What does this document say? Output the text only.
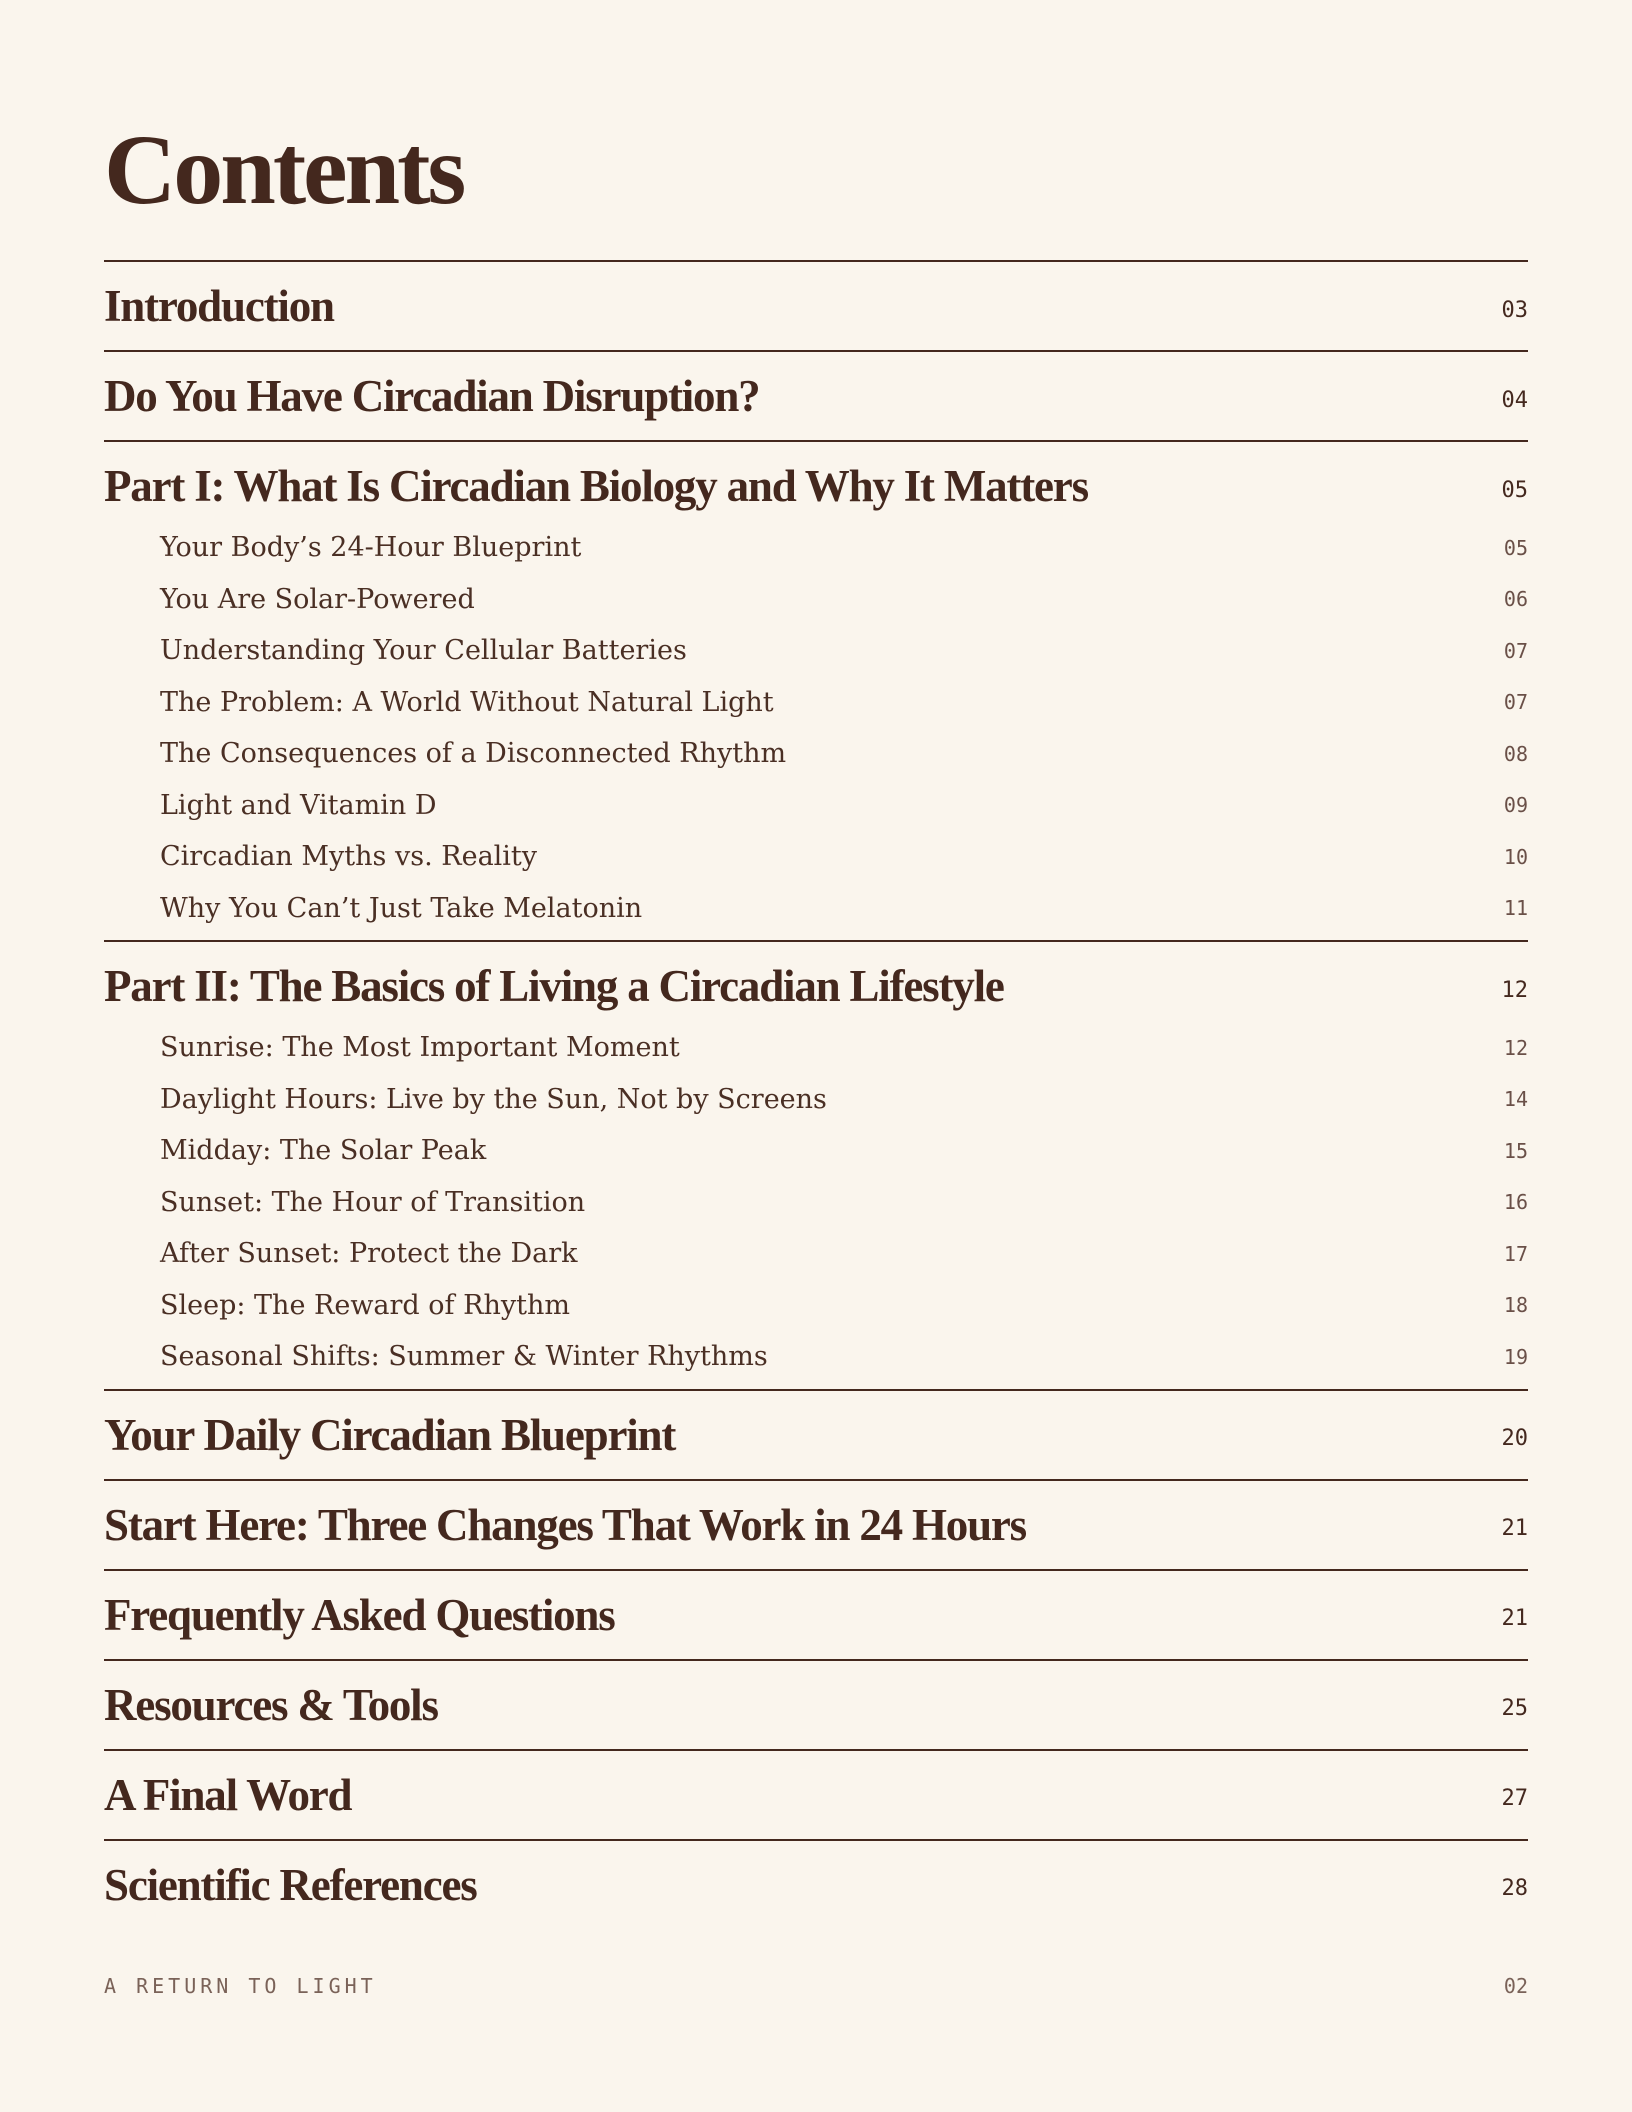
Contents
Introduction	03
Do You Have Circadian Disruption?	04
Part I: What Is Circadian Biology and Why It Matters	05
Your Body’s 24-Hour Blueprint	05
You Are Solar-Powered	06
Understanding Your Cellular Batteries	07
The Problem: A World Without Natural Light	07
The Consequences of a Disconnected Rhythm	08
Light and Vitamin D	09
Circadian Myths vs. Reality	10
Why You Can’t Just Take Melatonin	11
Part II: The Basics of Living a Circadian Lifestyle	12
Sunrise: The Most Important Moment	12
Daylight Hours: Live by the Sun, Not by Screens	14
Midday: The Solar Peak	15
Sunset: The Hour of Transition	16
After Sunset: Protect the Dark	17
Sleep: The Reward of Rhythm	18
Seasonal Shifts: Summer & Winter Rhythms	19
Your Daily Circadian Blueprint	20
Start Here: Three Changes That Work in 24 Hours	21
Frequently Asked Questions	21
Resources & Tools	25
A Final Word	27
Scientific References	28
A RETURN TO LIGHT	02
